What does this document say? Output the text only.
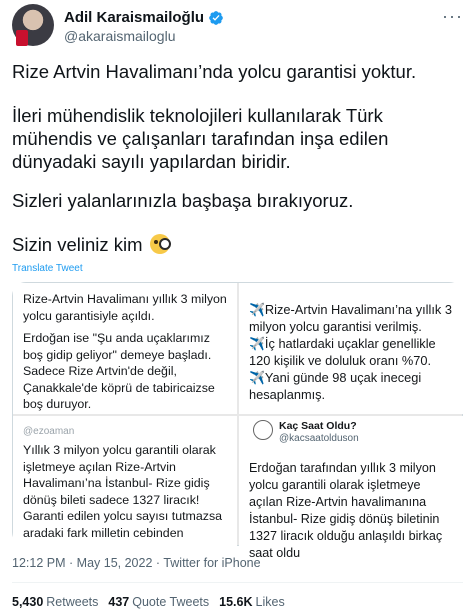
Adil Karaismailoğlu
@akaraismailoglu
···

Rize Artvin Havalimanı’nda yolcu garantisi yoktur.

İleri mühendislik teknolojileri kullanılarak Türk mühendis ve çalışanları tarafından inşa edilen dünyadaki sayılı yapılardan biridir.

Sizleri yalanlarınızla başbaşa bırakıyoruz.

Sizin veliniz kim

Translate Tweet

Rize-Artvin Havalimanı yıllık 3 milyon yolcu garantisiyle açıldı.

Erdoğan ise "Şu anda uçaklarımız boş gidip geliyor" demeye başladı. Sadece Rize Artvin'de değil, Çanakkale'de köprü de tabiricaizse boş duruyor.

✈️Rize-Artvin Havalimanı’na yıllık 3 milyon yolcu garantisi verilmiş.

✈️İç hatlardaki uçaklar genellikle 120 kişilik ve doluluk oranı %70.

✈️Yani günde 98 uçak inecegi hesaplanmış.

@ezoaman

Yıllık 3 milyon yolcu garantili olarak işletmeye açılan Rize-Artvin Havalimanı’na İstanbul- Rize gidiş dönüş bileti sadece 1327 liracık! Garanti edilen yolcu sayısı tutmazsa aradaki fark milletin cebinden

Kaç Saat Oldu?
@kacsaatolduson

Erdoğan tarafından yıllık 3 milyon yolcu garantili olarak işletmeye açılan Rize-Artvin havalimanına İstanbul- Rize gidiş dönüş biletinin 1327 liracık olduğu anlaşıldı birkaç saat oldu

12:12 PM · May 15, 2022 · Twitter for iPhone
5,430 Retweets 437 Quote Tweets 15.6K Likes
